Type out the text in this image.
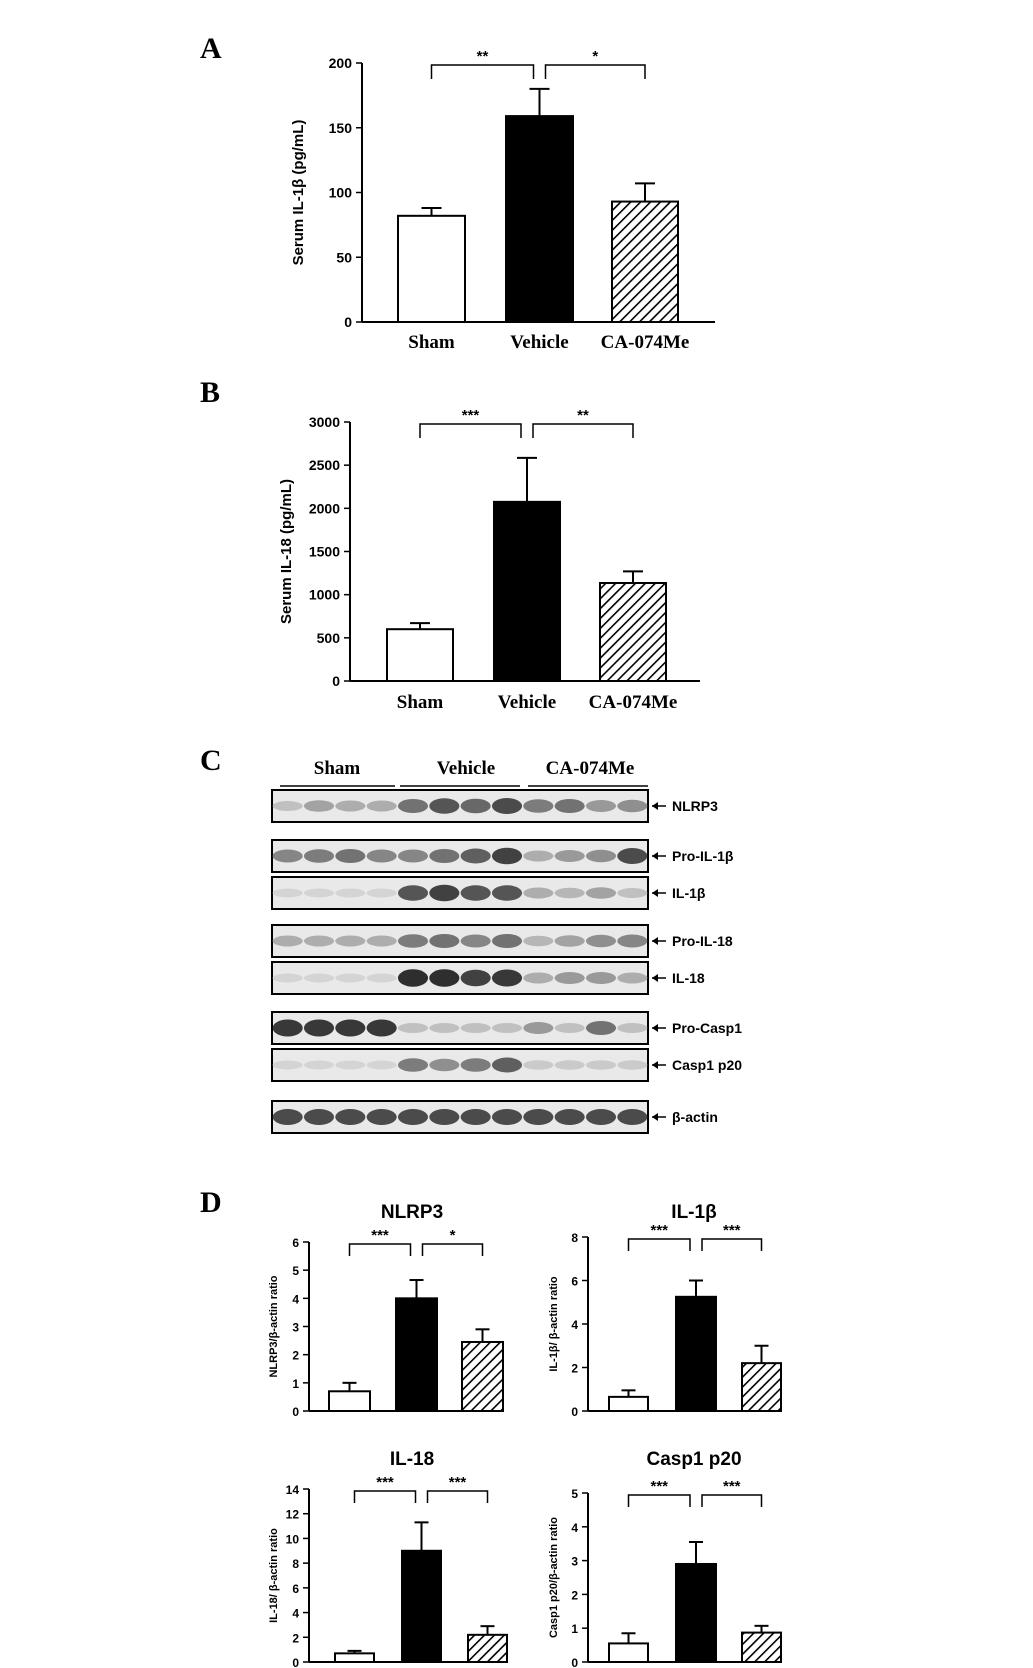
A
B
C
D
0
50
100
150
200
Serum IL-1β (pg/mL)
Sham	Vehicle CA-074Me
**	*
0
500
1000
1500
2000
2500
3000
Serum IL-18 (pg/mL)
Sham	Vehicle CA-074Me
***	**
0
1
2
3
4
5
6
NLRP3/β-actin ratio
NLRP3
***	*
0
2
4
6
8
IL-1β/ β-actin ratio
IL-1β
***	***
0
2
4
6
8
10
12
14
IL-18/ β-actin ratio
IL-18
***	***
0
1
2
3
4
5
Casp1 p20/β-actin ratio
Casp1 p20
***	***
Sham	Vehicle	CA-074Me
NLRP3
Pro-IL-1β
IL-1β
Pro-IL-18
IL-18
Pro-Casp1
Casp1 p20
β-actin
